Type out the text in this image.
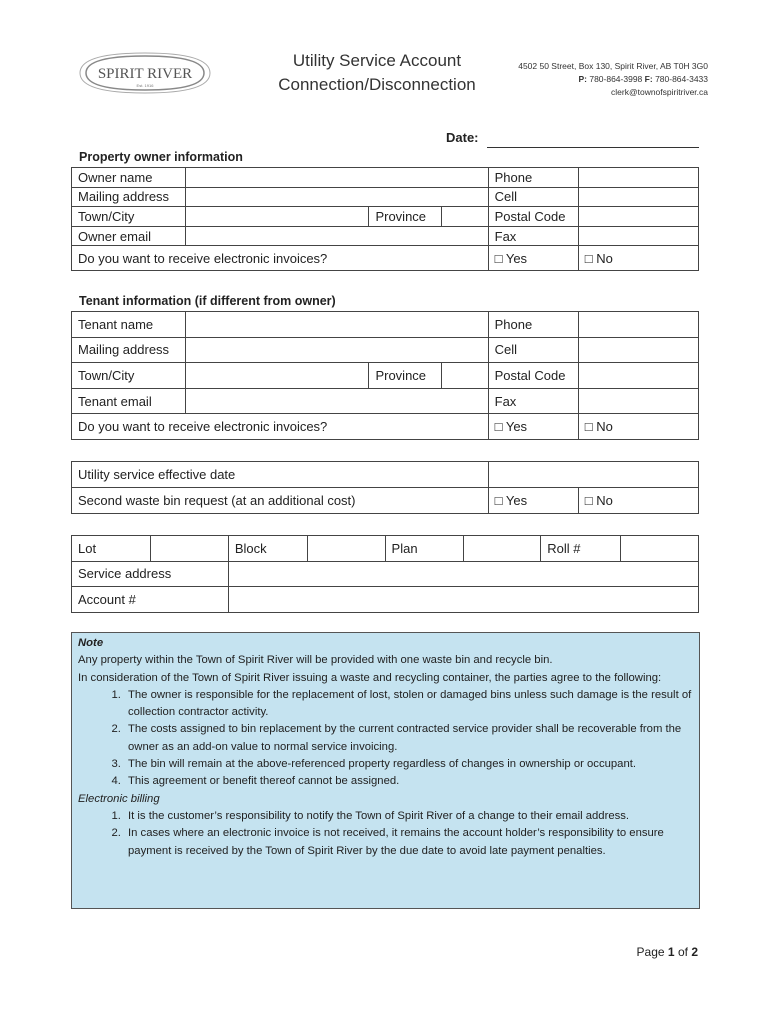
SPIRIT RIVER
Est. 1916
Utility Service Account
Connection/Disconnection
4502 50 Street, Box 130, Spirit River, AB T0H 3G0
P: 780-864-3998 F: 780-864-3433
clerk@townofspiritriver.ca
Date:
Property owner information
Owner name				Phone	
Mailing address				Cell	
Town/City		Province		Postal Code	
Owner email				Fax	
Do you want to receive electronic invoices?				□ Yes	□ No
Tenant information (if different from owner)
Tenant name				Phone	
Mailing address				Cell	
Town/City		Province		Postal Code	
Tenant email				Fax	
Do you want to receive electronic invoices?				□ Yes	□ No
Utility service effective date		
Second waste bin request (at an additional cost)	□ Yes	□ No
Lot		Block		Plan		Roll #	
Service address							
Account #							
Note
Any property within the Town of Spirit River will be provided with one waste bin and recycle bin.
In consideration of the Town of Spirit River issuing a waste and recycling container, the parties agree to the following:
1. The owner is responsible for the replacement of lost, stolen or damaged bins unless such damage is the result of collection contractor activity.
2. The costs assigned to bin replacement by the current contracted service provider shall be recoverable from the owner as an add-on value to normal service invoicing.
3. The bin will remain at the above-referenced property regardless of changes in ownership or occupant.
4. This agreement or benefit thereof cannot be assigned.
Electronic billing
1. It is the customer’s responsibility to notify the Town of Spirit River of a change to their email address.
2. In cases where an electronic invoice is not received, it remains the account holder’s responsibility to ensure payment is received by the Town of Spirit River by the due date to avoid late payment penalties.
Page 1 of 2
